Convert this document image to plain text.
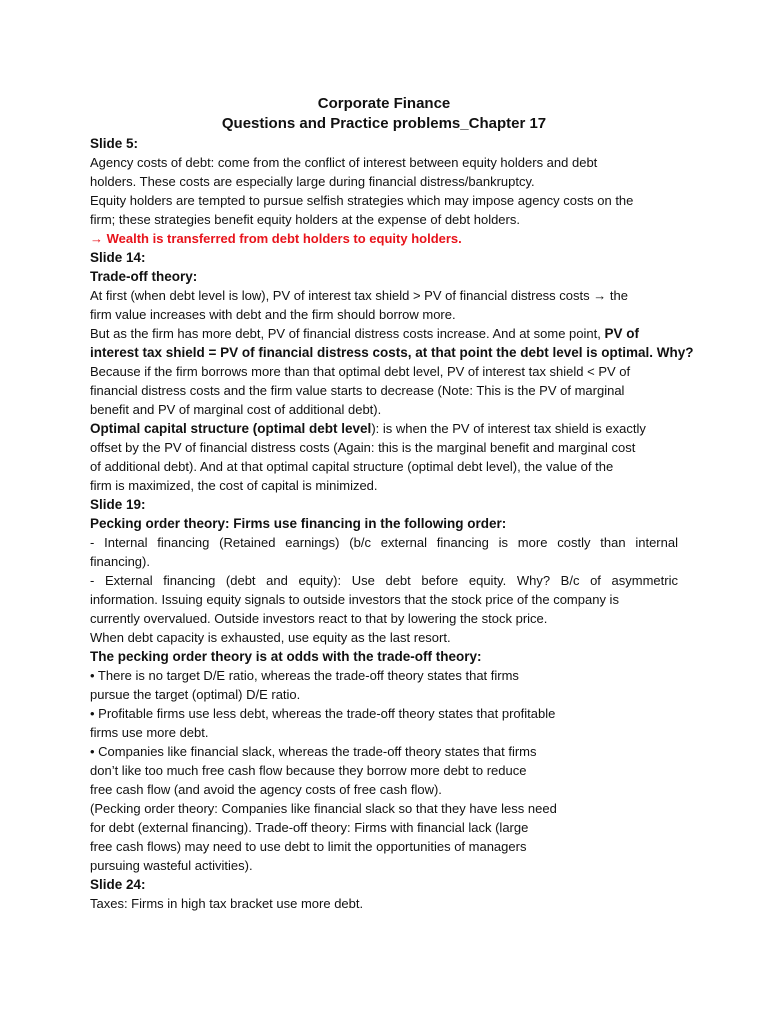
Corporate Finance

Questions and Practice problems_Chapter 17

Slide 5:

Agency costs of debt: come from the conflict of interest between equity holders and debt

holders. These costs are especially large during financial distress/bankruptcy.

Equity holders are tempted to pursue selfish strategies which may impose agency costs on the

firm; these strategies benefit equity holders at the expense of debt holders.

→ Wealth is transferred from debt holders to equity holders.

Slide 14:

Trade-off theory:

At first (when debt level is low), PV of interest tax shield > PV of financial distress costs → the

firm value increases with debt and the firm should borrow more.

But as the firm has more debt, PV of financial distress costs increase. And at some point, PV of

interest tax shield = PV of financial distress costs, at that point the debt level is optimal. Why?

Because if the firm borrows more than that optimal debt level, PV of interest tax shield < PV of

financial distress costs and the firm value starts to decrease (Note: This is the PV of marginal

benefit and PV of marginal cost of additional debt).

Optimal capital structure (optimal debt level): is when the PV of interest tax shield is exactly

offset by the PV of financial distress costs (Again: this is the marginal benefit and marginal cost

of additional debt). And at that optimal capital structure (optimal debt level), the value of the

firm is maximized, the cost of capital is minimized.

Slide 19:

Pecking order theory: Firms use financing in the following order:

- Internal financing (Retained earnings) (b/c external financing is more costly than internal

financing).

- External financing (debt and equity): Use debt before equity. Why? B/c of asymmetric

information. Issuing equity signals to outside investors that the stock price of the company is

currently overvalued. Outside investors react to that by lowering the stock price.

When debt capacity is exhausted, use equity as the last resort.

The pecking order theory is at odds with the trade-off theory:

• There is no target D/E ratio, whereas the trade-off theory states that firms

pursue the target (optimal) D/E ratio.

• Profitable firms use less debt, whereas the trade-off theory states that profitable

firms use more debt.

• Companies like financial slack, whereas the trade-off theory states that firms

don’t like too much free cash flow because they borrow more debt to reduce

free cash flow (and avoid the agency costs of free cash flow).

(Pecking order theory: Companies like financial slack so that they have less need

for debt (external financing). Trade-off theory: Firms with financial lack (large

free cash flows) may need to use debt to limit the opportunities of managers

pursuing wasteful activities).

Slide 24:

Taxes: Firms in high tax bracket use more debt.
